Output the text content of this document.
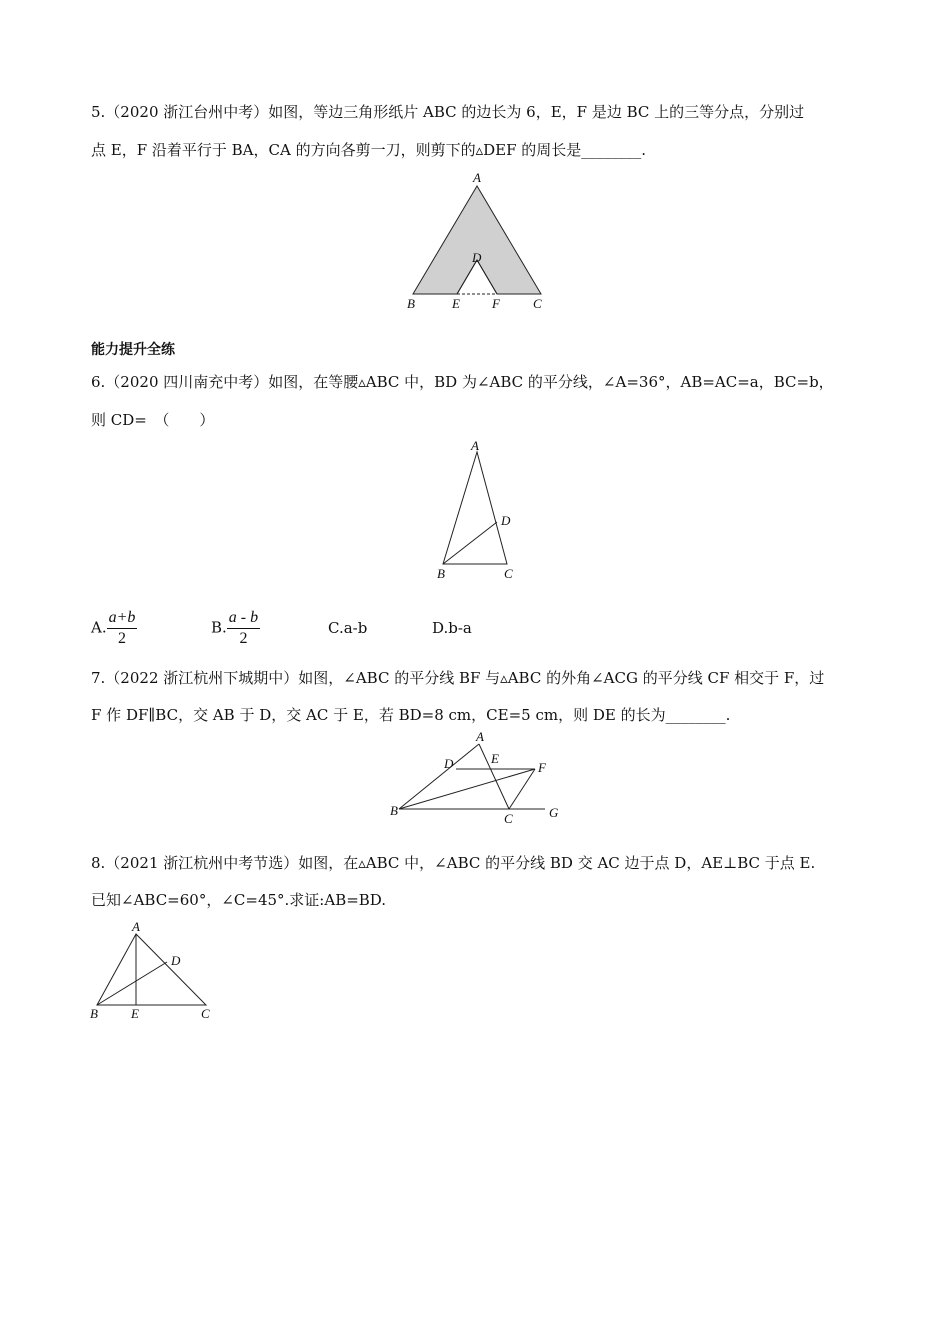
5.（2020 浙江台州中考）如图，等边三角形纸片 ABC 的边长为 6，E，F 是边 BC 上的三等分点，分别过
点 E，F 沿着平行于 BA，CA 的方向各剪一刀，则剪下的▵DEF 的周长是________.
A
B	C
D
E F
能力提升全练
6.（2020 四川南充中考）如图，在等腰▵ABC 中，BD 为∠ABC 的平分线，∠A=36°，AB=AC=a，BC=b，
则 CD=　（　　）
A
B	C
D
A. $\frac{a+b}{2}$	B. $\frac{a - b}{2}$	C.a-b	D.b-a
7.（2022 浙江杭州下城期中）如图，∠ABC 的平分线 BF 与▵ABC 的外角∠ACG 的平分线 CF 相交于 F，过
F 作 DF∥BC，交 AB 于 D，交 AC 于 E，若 BD=8 cm，CE=5 cm，则 DE 的长为________.
A
B
C
D	E
F
G
8.（2021 浙江杭州中考节选）如图，在▵ABC 中，∠ABC 的平分线 BD 交 AC 边于点 D，AE⊥BC 于点 E.
已知∠ABC=60°，∠C=45°.求证:AB=BD.
A
B	C
D
E
